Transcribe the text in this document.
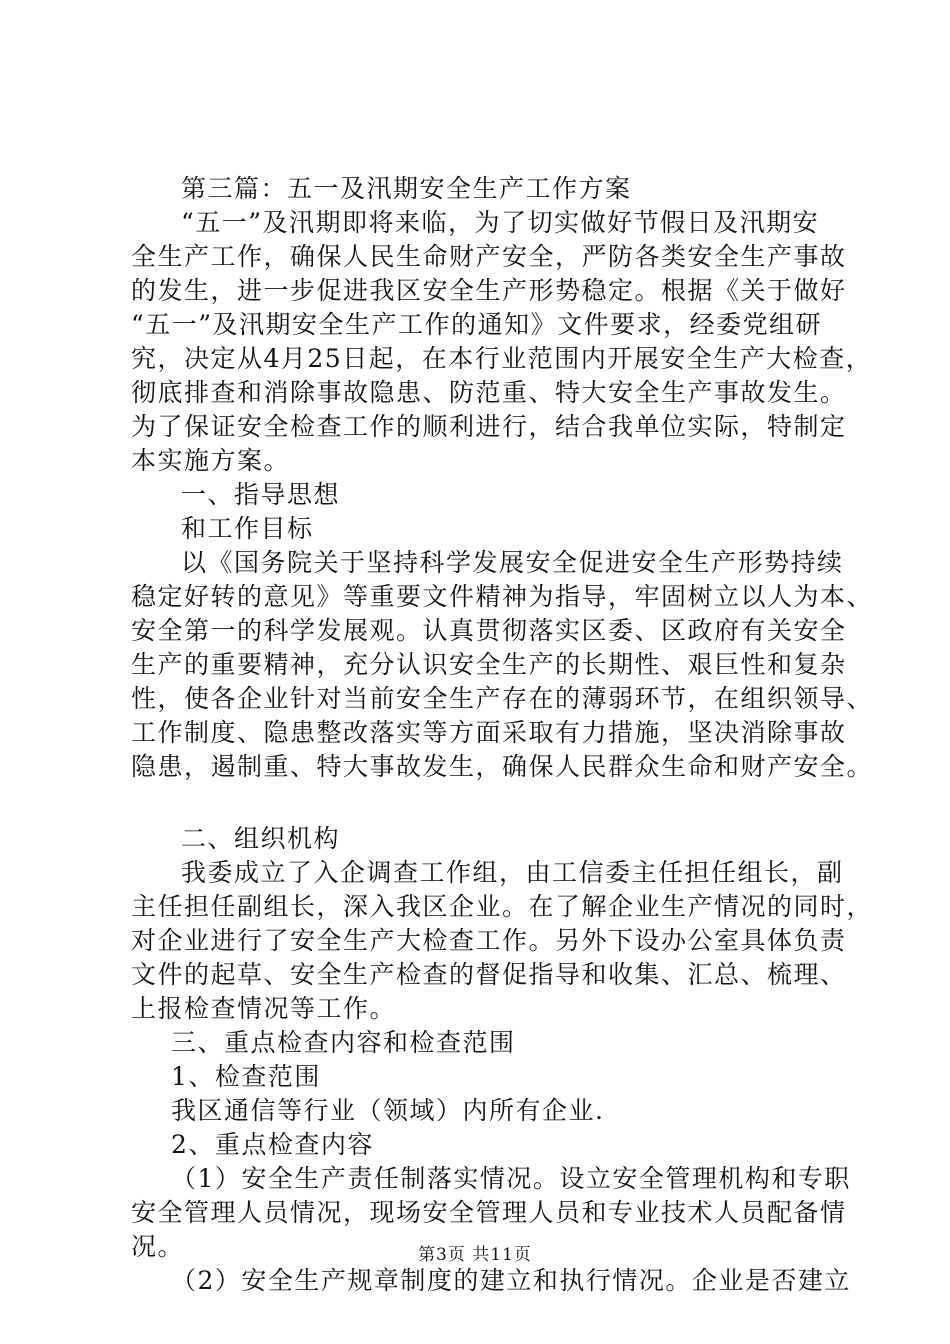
第三篇：五一及汛期安全生产工作方案
“五一”及汛期即将来临，为了切实做好节假日及汛期安
全生产工作，确保人民生命财产安全，严防各类安全生产事故
的发生，进一步促进我区安全生产形势稳定。根据《关于做好
“五一”及汛期安全生产工作的通知》文件要求，经委党组研
究，决定从4月25日起，在本行业范围内开展安全生产大检查，
彻底排查和消除事故隐患、防范重、特大安全生产事故发生。
为了保证安全检查工作的顺利进行，结合我单位实际，特制定
本实施方案。
一、指导思想
和工作目标
以《国务院关于坚持科学发展安全促进安全生产形势持续
稳定好转的意见》等重要文件精神为指导，牢固树立以人为本、
安全第一的科学发展观。认真贯彻落实区委、区政府有关安全
生产的重要精神，充分认识安全生产的长期性、艰巨性和复杂
性，使各企业针对当前安全生产存在的薄弱环节，在组织领导、
工作制度、隐患整改落实等方面采取有力措施，坚决消除事故
隐患，遏制重、特大事故发生，确保人民群众生命和财产安全。
二、组织机构
我委成立了入企调查工作组，由工信委主任担任组长，副
主任担任副组长，深入我区企业。在了解企业生产情况的同时，
对企业进行了安全生产大检查工作。另外下设办公室具体负责
文件的起草、安全生产检查的督促指导和收集、汇总、梳理、
上报检查情况等工作。
三、重点检查内容和检查范围
1、检查范围
我区通信等行业（领域）内所有企业.
2、重点检查内容
（1）安全生产责任制落实情况。设立安全管理机构和专职
安全管理人员情况，现场安全管理人员和专业技术人员配备情
况。
（2）安全生产规章制度的建立和执行情况。企业是否建立
第3页 共11页
